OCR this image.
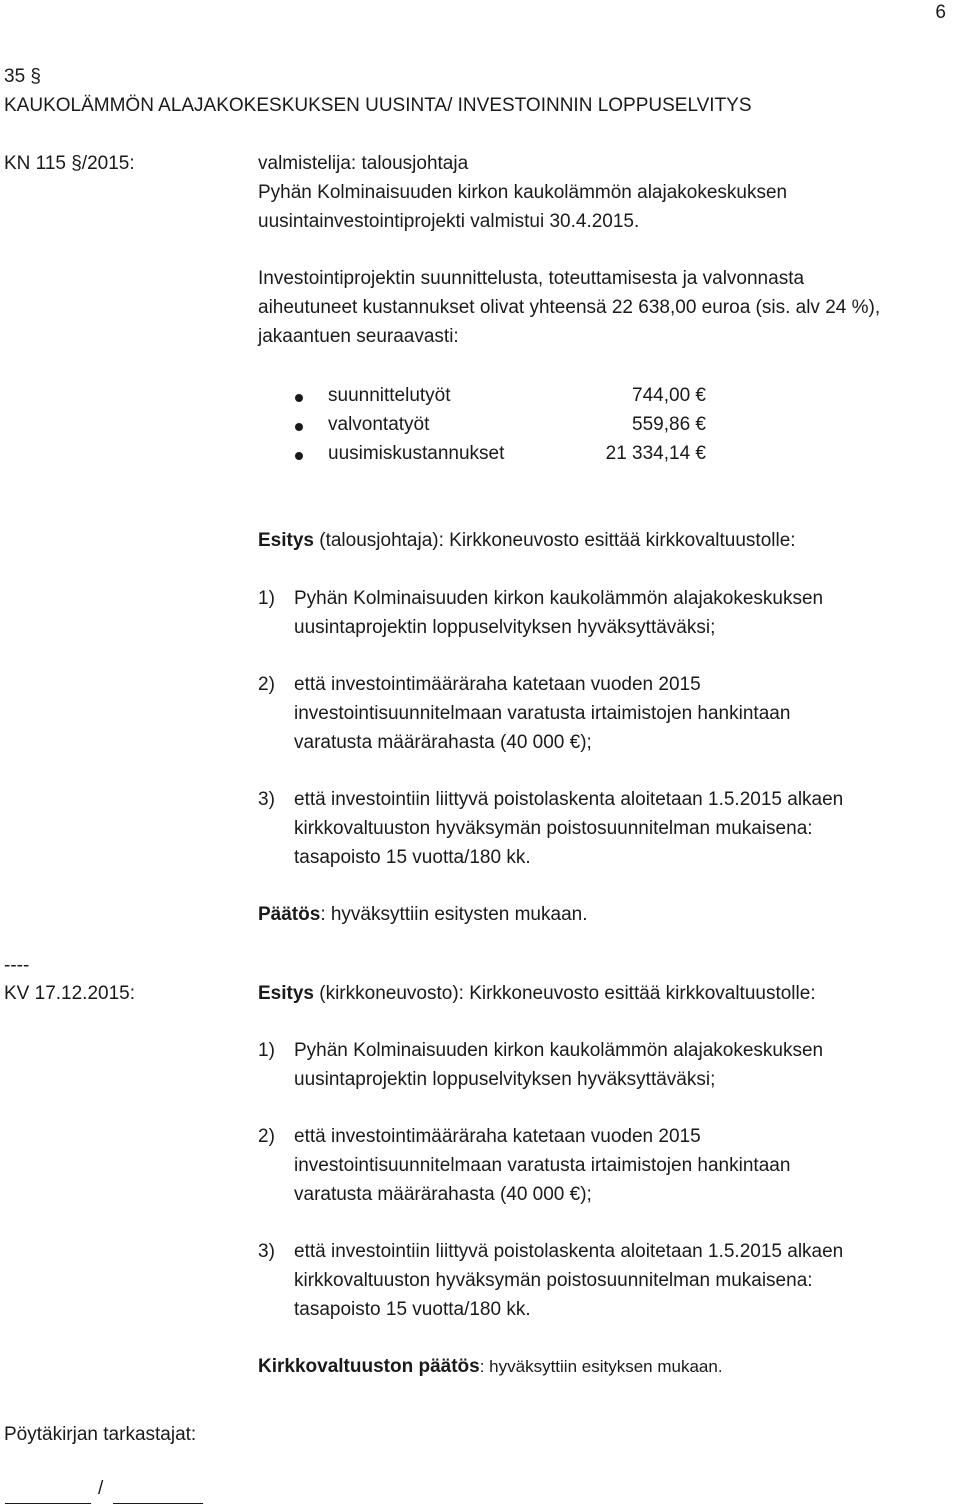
6
35 §
KAUKOLÄMMÖN ALAJAKOKESKUKSEN UUSINTA/ INVESTOINNIN LOPPUSELVITYS
KN 115 §/2015:	valmistelija: talousjohtaja
Pyhän Kolminaisuuden kirkon kaukolämmön alajakokeskuksen
uusintainvestointiprojekti valmistui 30.4.2015.
Investointiprojektin suunnittelusta, toteuttamisesta ja valvonnasta
aiheutuneet kustannukset olivat yhteensä 22 638,00 euroa (sis. alv 24 %),
jakaantuen seuraavasti:
suunnittelutyöt	744,00 €
valvontatyöt	559,86 €
uusimiskustannukset	21 334,14 €
Esitys (talousjohtaja): Kirkkoneuvosto esittää kirkkovaltuustolle:
1) Pyhän Kolminaisuuden kirkon kaukolämmön alajakokeskuksen
uusintaprojektin loppuselvityksen hyväksyttäväksi;
2) että investointimääräraha katetaan vuoden 2015
investointisuunnitelmaan varatusta irtaimistojen hankintaan
varatusta määrärahasta (40 000 €);
3) että investointiin liittyvä poistolaskenta aloitetaan 1.5.2015 alkaen
kirkkovaltuuston hyväksymän poistosuunnitelman mukaisena:
tasapoisto 15 vuotta/180 kk.
Päätös: hyväksyttiin esitysten mukaan.
----
KV 17.12.2015:	Esitys (kirkkoneuvosto): Kirkkoneuvosto esittää kirkkovaltuustolle:
1) Pyhän Kolminaisuuden kirkon kaukolämmön alajakokeskuksen
uusintaprojektin loppuselvityksen hyväksyttäväksi;
2) että investointimääräraha katetaan vuoden 2015
investointisuunnitelmaan varatusta irtaimistojen hankintaan
varatusta määrärahasta (40 000 €);
3) että investointiin liittyvä poistolaskenta aloitetaan 1.5.2015 alkaen
kirkkovaltuuston hyväksymän poistosuunnitelman mukaisena:
tasapoisto 15 vuotta/180 kk.
Kirkkovaltuuston päätös: hyväksyttiin esityksen mukaan.
Pöytäkirjan tarkastajat:
/
